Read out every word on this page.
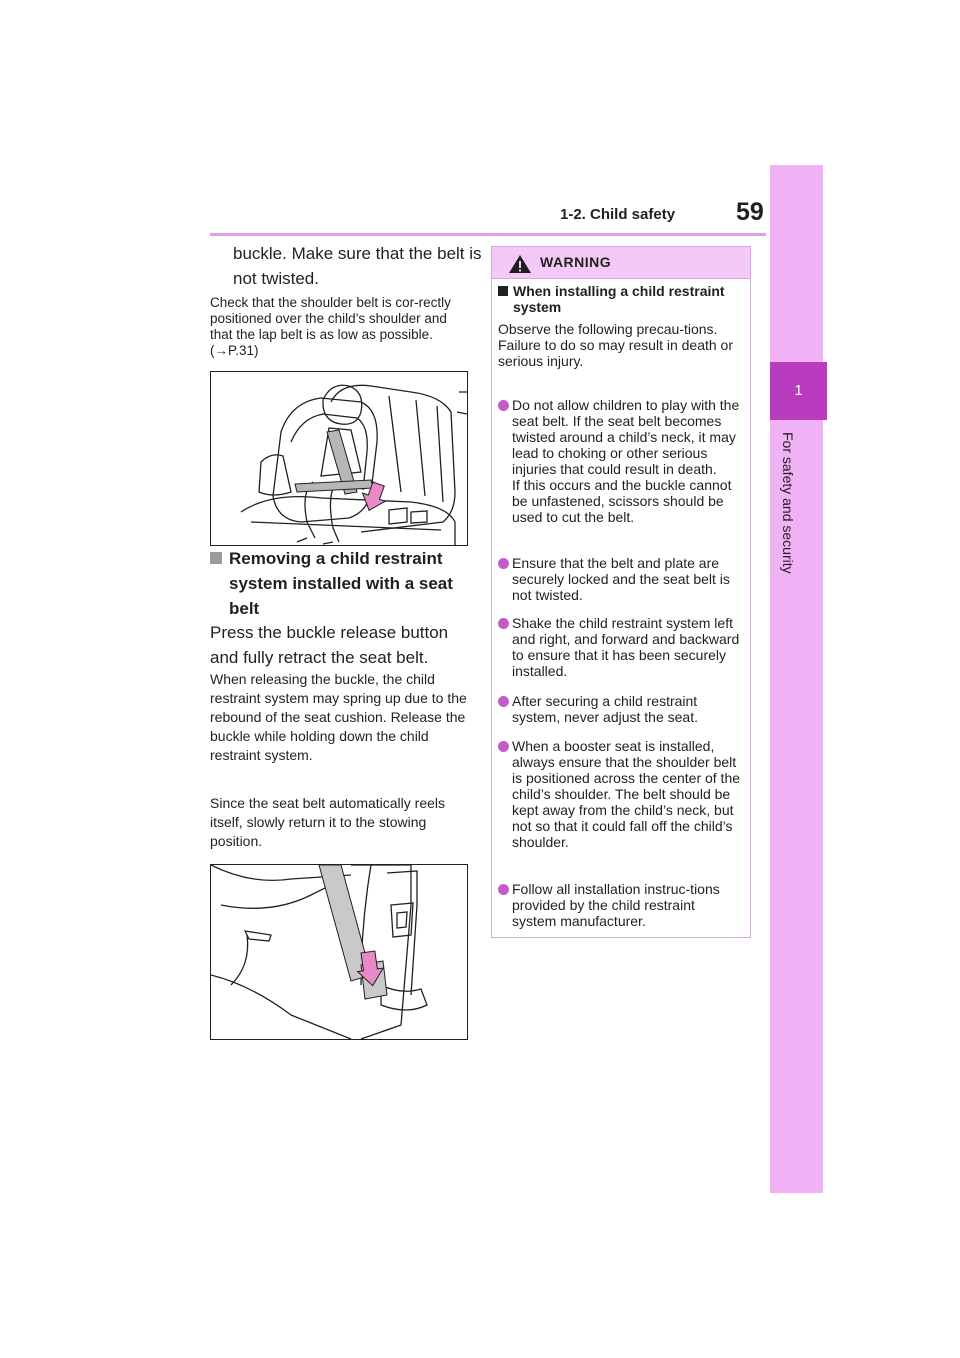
1-2. Child safety 59
1
For safety and security

buckle. Make sure that the belt is not twisted.

Check that the shoulder belt is cor-rectly positioned over the child’s shoulder and that the lap belt is as low as possible. (→P.31)

Removing a child restraint system installed with a seat belt

Press the buckle release button and fully retract the seat belt.

When releasing the buckle, the child restraint system may spring up due to the rebound of the seat cushion. Release the buckle while holding down the child restraint system.

Since the seat belt automatically reels itself, slowly return it to the stowing position.

WARNING
When installing a child restraint system

Observe the following precau-tions.
Failure to do so may result in death or serious injury.

Do not allow children to play with the seat belt. If the seat belt becomes twisted around a child’s neck, it may lead to choking or other serious injuries that could result in death.
If this occurs and the buckle cannot be unfastened, scissors should be used to cut the belt.
Ensure that the belt and plate are securely locked and the seat belt is not twisted.
Shake the child restraint system left and right, and forward and backward to ensure that it has been securely installed.
After securing a child restraint system, never adjust the seat.
When a booster seat is installed, always ensure that the shoulder belt is positioned across the center of the child’s shoulder. The belt should be kept away from the child’s neck, but not so that it could fall off the child’s shoulder.
Follow all installation instruc-tions provided by the child restraint system manufacturer.
